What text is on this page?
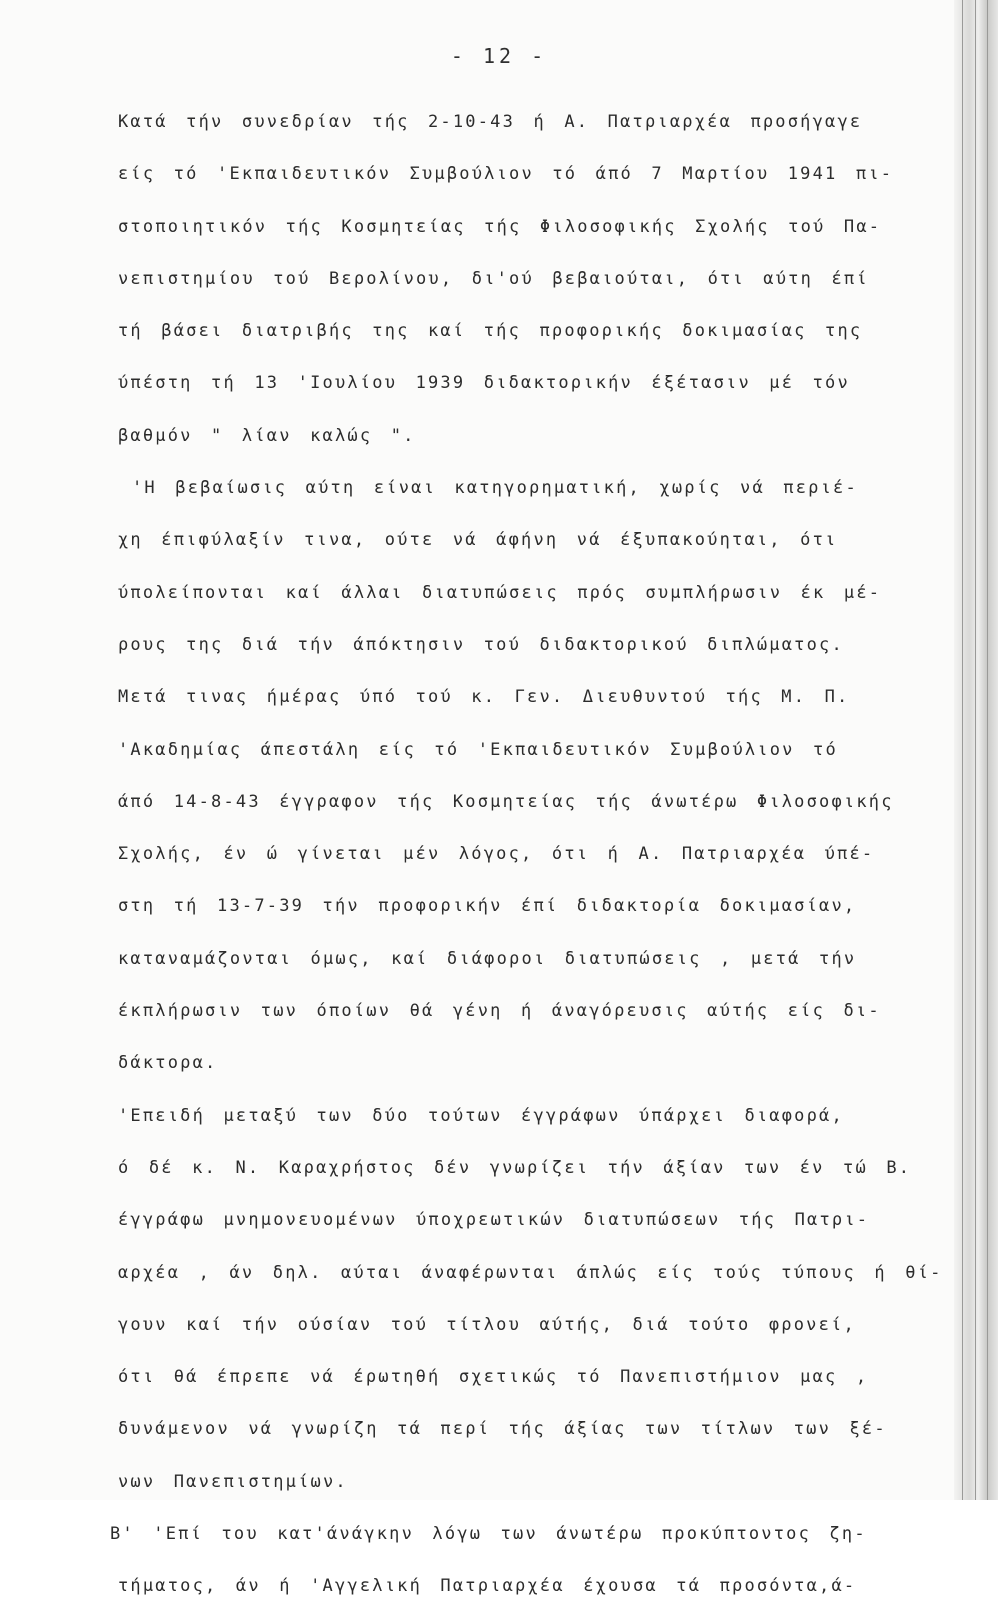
- 12 -
Κατά τήν συνεδρίαν τής 2-10-43 ή Α. Πατριαρχέα προσήγαγε
είς τό 'Εκπαιδευτικόν Συμβούλιον τό άπό 7 Μαρτίου 1941 πι-
στοποιητικόν τής Κοσμητείας τής Φιλοσοφικής Σχολής τού Πα-
νεπιστημίου τού Βερολίνου, δι'ού βεβαιούται, ότι αύτη έπί
τή βάσει διατριβής της καί τής προφορικής δοκιμασίας της
ύπέστη τή 13 'Ιουλίου 1939 διδακτορικήν έξέτασιν μέ τόν
βαθμόν " λίαν καλώς ".
'Η βεβαίωσις αύτη είναι κατηγορηματική, χωρίς νά περιέ-
χη έπιφύλαξίν τινα, ούτε νά άφήνη νά έξυπακούηται, ότι
ύπολείπονται καί άλλαι διατυπώσεις πρός συμπλήρωσιν έκ μέ-
ρους της διά τήν άπόκτησιν τού διδακτορικού διπλώματος.
Μετά τινας ήμέρας ύπό τού κ. Γεν. Διευθυντού τής Μ. Π.
'Ακαδημίας άπεστάλη είς τό 'Εκπαιδευτικόν Συμβούλιον τό
άπό 14-8-43 έγγραφον τής Κοσμητείας τής άνωτέρω Φιλοσοφικής
Σχολής, έν ώ γίνεται μέν λόγος, ότι ή Α. Πατριαρχέα ύπέ-
στη τή 13-7-39 τήν προφορικήν έπί διδακτορία δοκιμασίαν,
καταναμάζονται όμως, καί διάφοροι διατυπώσεις , μετά τήν
έκπλήρωσιν των όποίων θά γένη ή άναγόρευσις αύτής είς δι-
δάκτορα.
'Επειδή μεταξύ των δύο τούτων έγγράφων ύπάρχει διαφορά,
ό δέ κ. Ν. Καραχρήστος δέν γνωρίζει τήν άξίαν των έν τώ Β.
έγγράφω μνημονευομένων ύποχρεωτικών διατυπώσεων τής Πατρι-
αρχέα , άν δηλ. αύται άναφέρωνται άπλώς είς τούς τύπους ή θί-
γουν καί τήν ούσίαν τού τίτλου αύτής, διά τούτο φρονεί,
ότι θά έπρεπε νά έρωτηθή σχετικώς τό Πανεπιστήμιον μας ,
δυνάμενον νά γνωρίζη τά περί τής άξίας των τίτλων των ξέ-
νων Πανεπιστημίων.
Β' 'Επί του κατ'άνάγκην λόγω των άνωτέρω προκύπτοντος ζη-
τήματος, άν ή 'Αγγελική Πατριαρχέα έχουσα τά προσόντα,ά-
